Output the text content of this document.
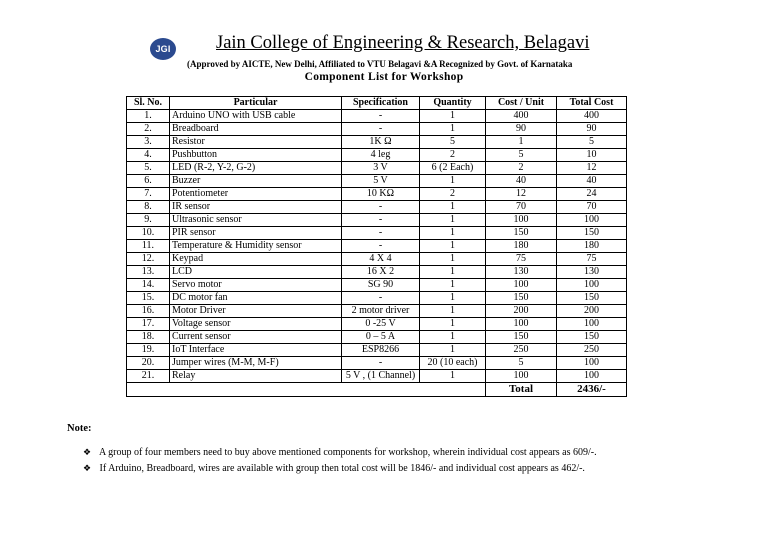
JGI Jain College of Engineering & Research, Belagavi
(Approved by AICTE, New Delhi, Affiliated to VTU Belagavi &A Recognized by Govt. of Karnataka
Component List for Workshop
Sl. No.	Particular	Specification	Quantity	Cost / Unit	Total Cost
1.	Arduino UNO with USB cable	-	1	400	400
2.	Breadboard	-	1	90	90
3.	Resistor	1K Ω	5	1	5
4.	Pushbutton	4 leg	2	5	10
5.	LED (R-2, Y-2, G-2)	3 V	6 (2 Each)	2	12
6.	Buzzer	5 V	1	40	40
7.	Potentiometer	10 KΩ	2	12	24
8.	IR sensor	-	1	70	70
9.	Ultrasonic sensor	-	1	100	100
10.	PIR sensor	-	1	150	150
11.	Temperature & Humidity sensor	-	1	180	180
12.	Keypad	4 X 4	1	75	75
13.	LCD	16 X 2	1	130	130
14.	Servo motor	SG 90	1	100	100
15.	DC motor fan	-	1	150	150
16.	Motor Driver	2 motor driver	1	200	200
17.	Voltage sensor	0 -25 V	1	100	100
18.	Current sensor	0 – 5 A	1	150	150
19.	IoT Interface	ESP8266	1	250	250
20.	Jumper wires (M-M, M-F)	-	20 (10 each)	5	100
21.	Relay	5 V , (1 Channel)	1	100	100
				Total	2436/-
Note:
❖ A group of four members need to buy above mentioned components for workshop, wherein individual cost appears as 609/-.
❖ If Arduino, Breadboard, wires are available with group then total cost will be 1846/- and individual cost appears as 462/-.
